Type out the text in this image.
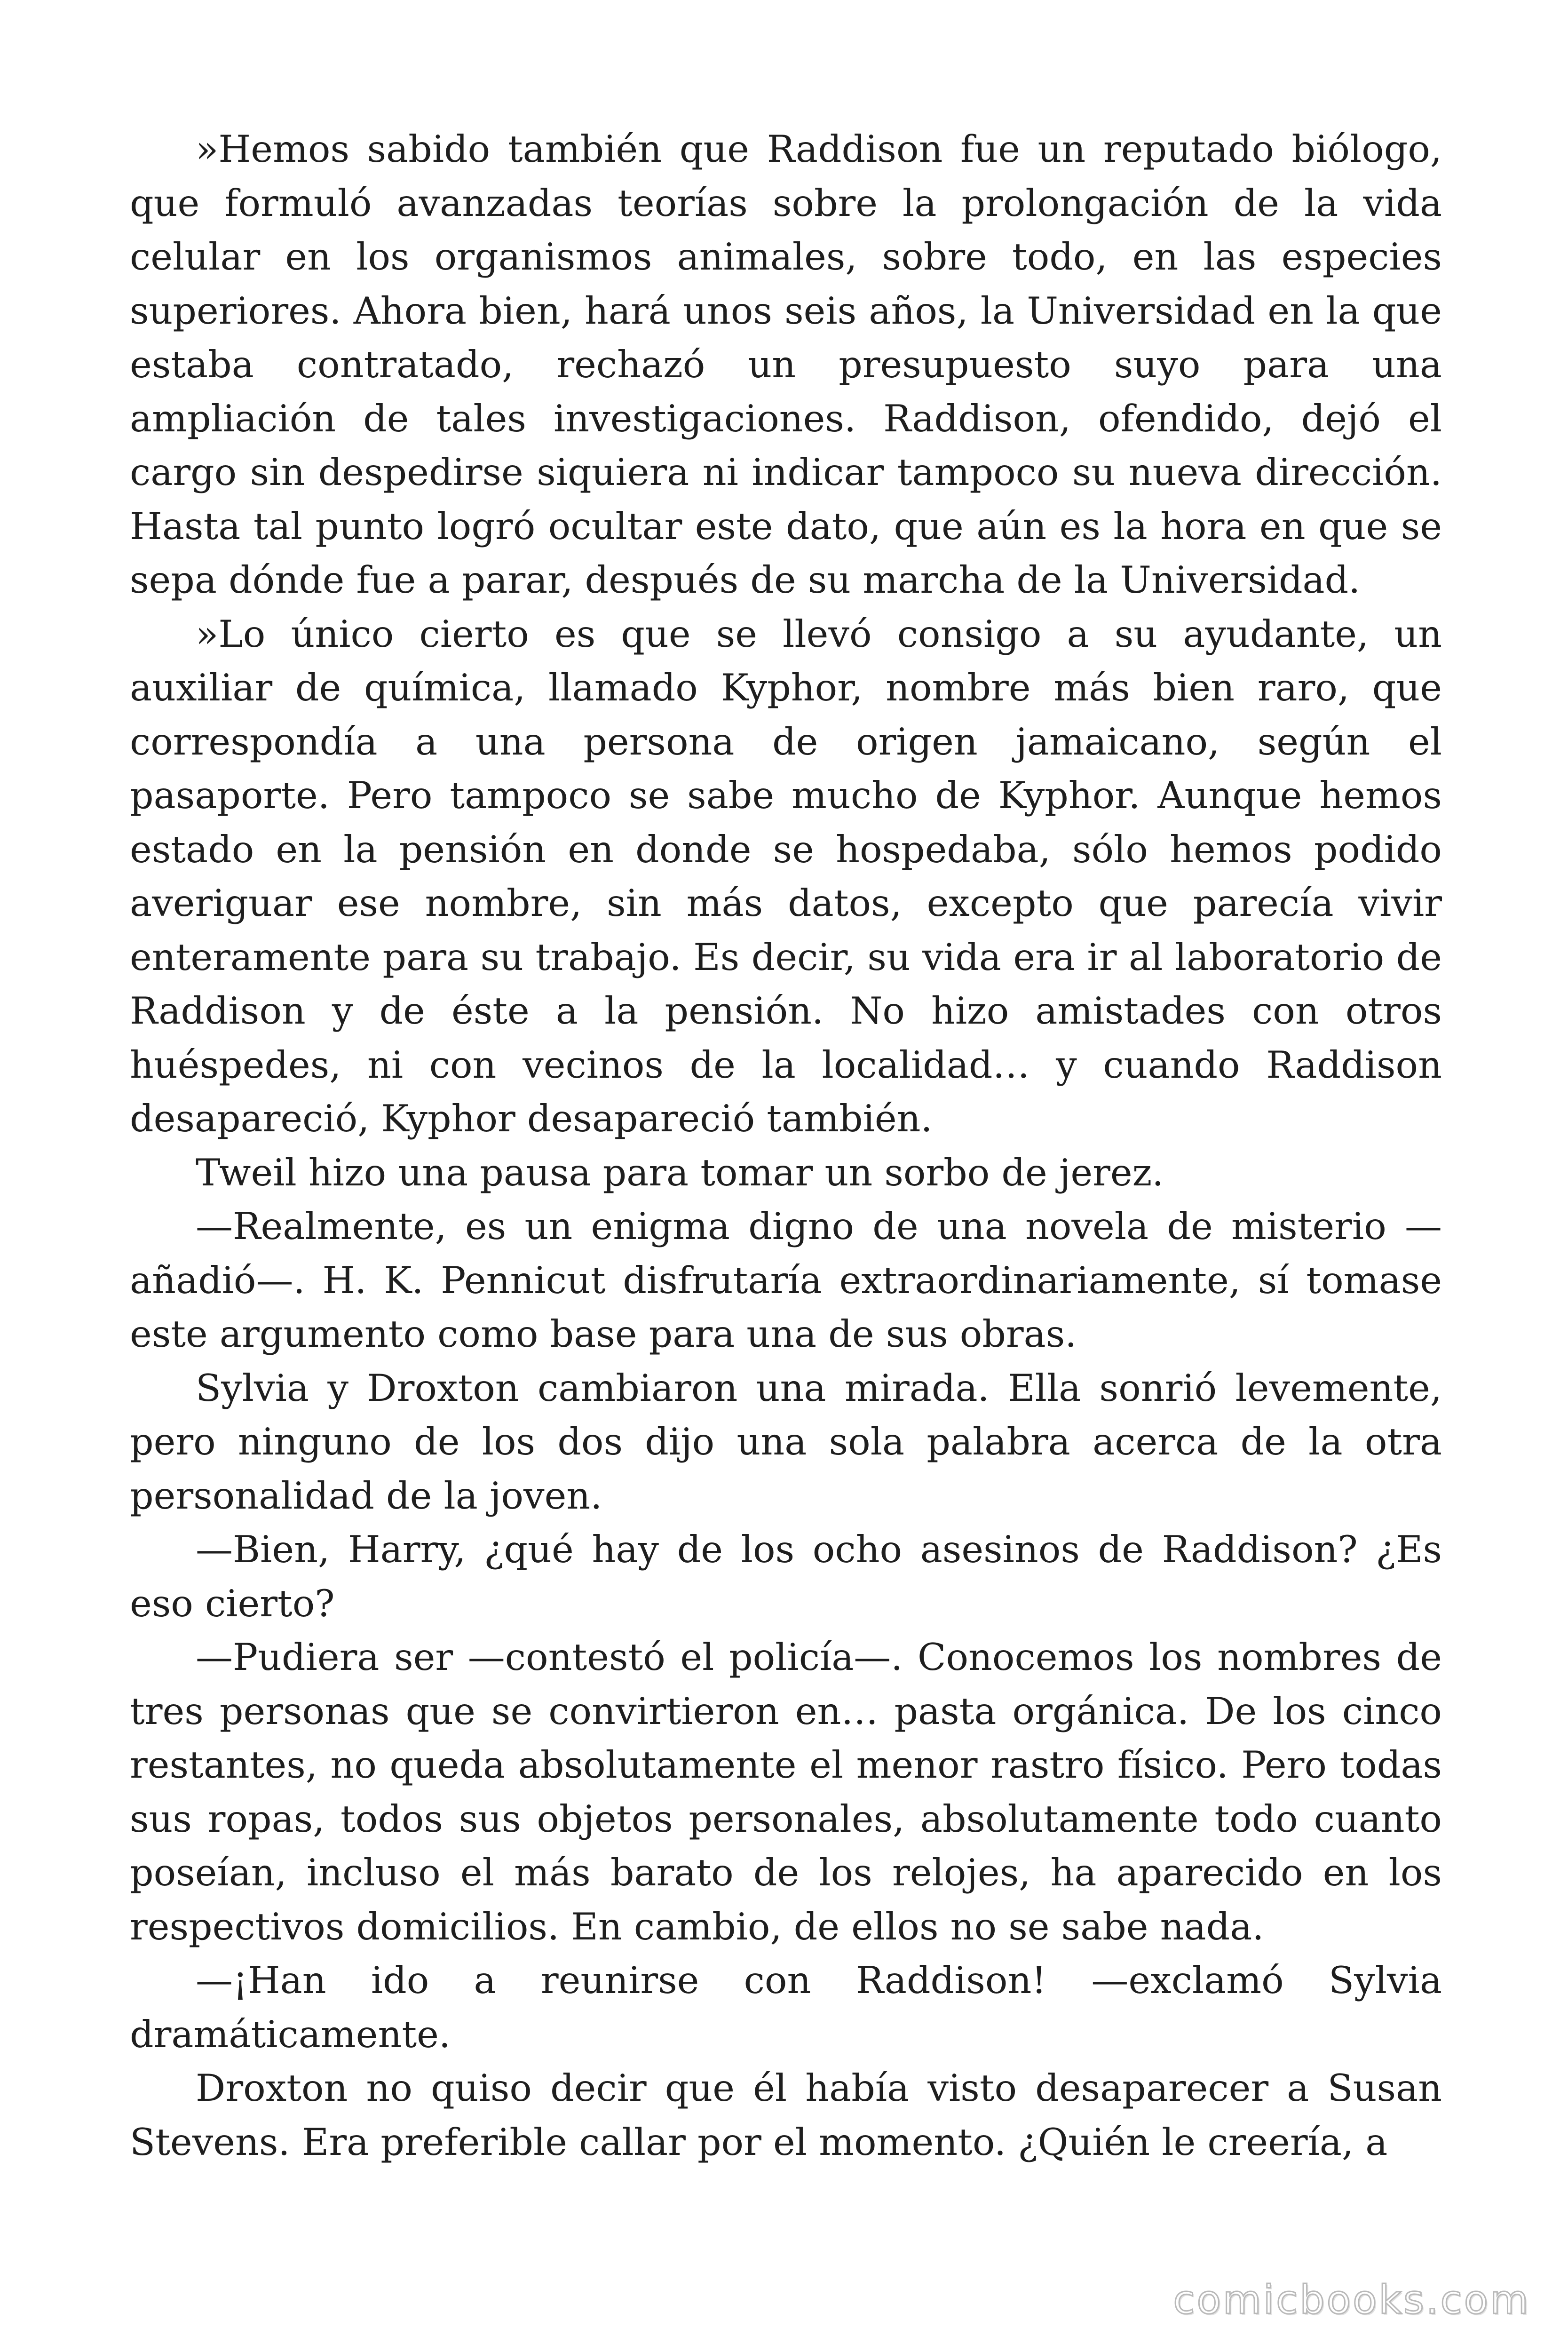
»Hemos sabido también que Raddison fue un reputado biólogo, que formuló avanzadas teorías sobre la prolongación de la vida celular en los organismos animales, sobre todo, en las especies superiores. Ahora bien, hará unos seis años, la Universidad en la que estaba contratado, rechazó un presupuesto suyo para una ampliación de tales investigaciones. Raddison, ofendido, dejó el cargo sin despedirse siquiera ni indicar tampoco su nueva dirección. Hasta tal punto logró ocultar este dato, que aún es la hora en que se sepa dónde fue a parar, después de su marcha de la Universidad.

»Lo único cierto es que se llevó consigo a su ayudante, un auxiliar de química, llamado Kyphor, nombre más bien raro, que correspondía a una persona de origen jamaicano, según el pasaporte. Pero tampoco se sabe mucho de Kyphor. Aunque hemos estado en la pensión en donde se hospedaba, sólo hemos podido averiguar ese nombre, sin más datos, excepto que parecía vivir enteramente para su trabajo. Es decir, su vida era ir al laboratorio de Raddison y de éste a la pensión. No hizo amistades con otros huéspedes, ni con vecinos de la localidad… y cuando Raddison desapareció, Kyphor desapareció también.

Tweil hizo una pausa para tomar un sorbo de jerez.

—Realmente, es un enigma digno de una novela de misterio —añadió—. H. K. Pennicut disfrutaría extraordinariamente, sí tomase este argumento como base para una de sus obras.

Sylvia y Droxton cambiaron una mirada. Ella sonrió levemente, pero ninguno de los dos dijo una sola palabra acerca de la otra personalidad de la joven.

—Bien, Harry, ¿qué hay de los ocho asesinos de Raddison? ¿Es eso cierto?

—Pudiera ser —contestó el policía—. Conocemos los nombres de tres personas que se convirtieron en… pasta orgánica. De los cinco restantes, no queda absolutamente el menor rastro físico. Pero todas sus ropas, todos sus objetos personales, absolutamente todo cuanto poseían, incluso el más barato de los relojes, ha aparecido en los respectivos domicilios. En cambio, de ellos no se sabe nada.

—¡Han ido a reunirse con Raddison! —exclamó Sylvia dramáticamente.

Droxton no quiso decir que él había visto desaparecer a Susan Stevens. Era preferible callar por el momento. ¿Quién le creería, a

comicbooks.com
